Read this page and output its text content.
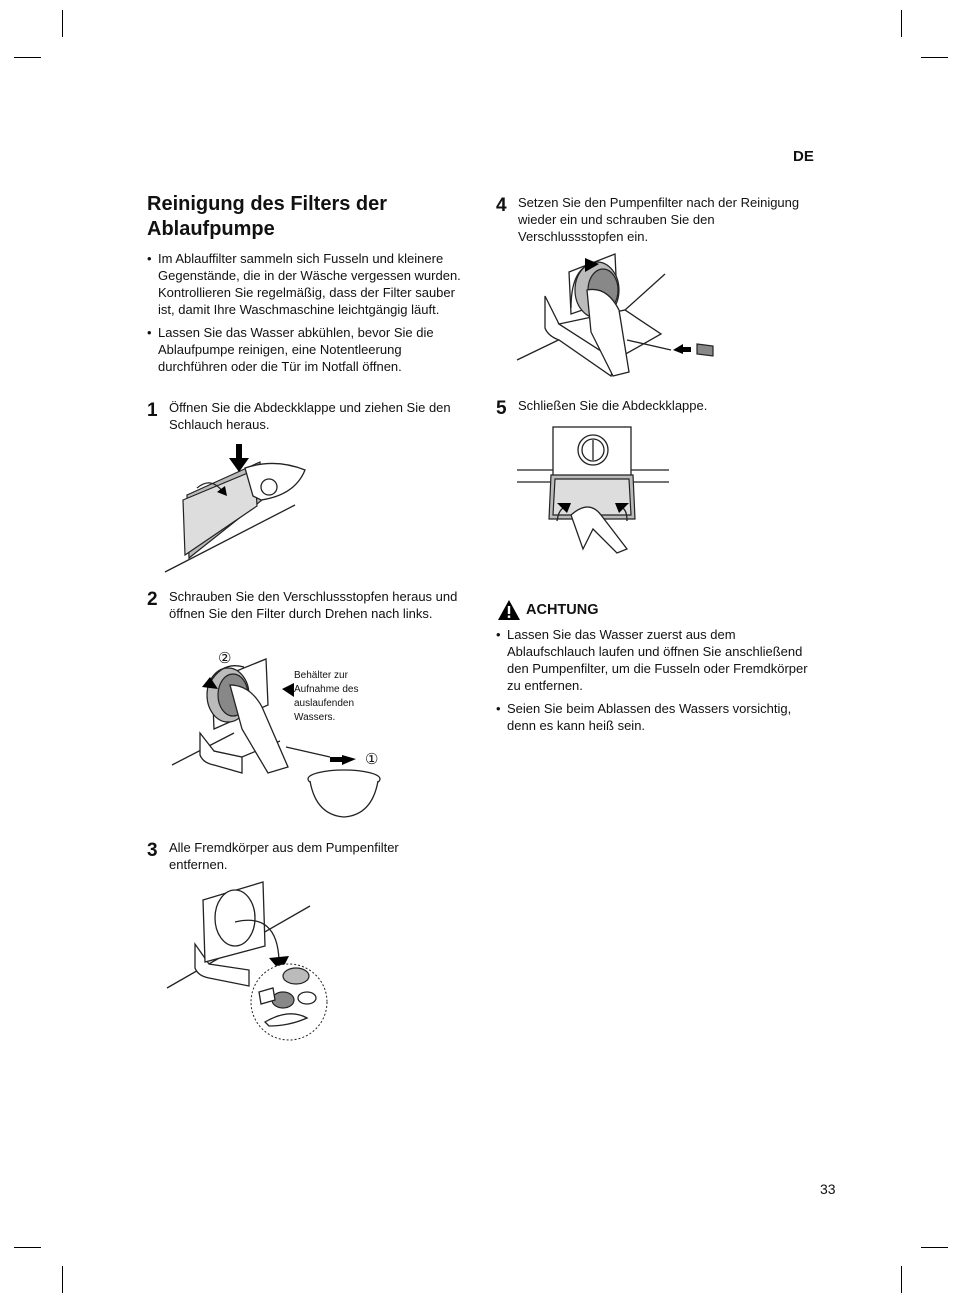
DE
Reinigung des Filters der
Ablaufpumpe
• Im Ablauffilter sammeln sich Fusseln und kleinere Gegenstände, die in der Wäsche vergessen wurden. Kontrollieren Sie regelmäßig, dass der Filter sauber ist, damit Ihre Waschmaschine leichtgängig läuft.
• Lassen Sie das Wasser abkühlen, bevor Sie die Ablaufpumpe reinigen, eine Notentleerung durchführen oder die Tür im Notfall öffnen.
1 Öffnen Sie die Abdeckklappe und ziehen Sie den Schlauch heraus.
2 Schrauben Sie den Verschlussstopfen heraus und öffnen Sie den Filter durch Drehen nach links.
②
①
Behälter zur
Aufnahme des
auslaufenden
Wassers.
3 Alle Fremdkörper aus dem Pumpenfilter entfernen.
4 Setzen Sie den Pumpenfilter nach der Reinigung wieder ein und schrauben Sie den Verschlussstopfen ein.
5 Schließen Sie die Abdeckklappe.
ACHTUNG
• Lassen Sie das Wasser zuerst aus dem Ablaufschlauch laufen und öffnen Sie anschließend den Pumpenfilter, um die Fusseln oder Fremdkörper zu entfernen.
• Seien Sie beim Ablassen des Wassers vorsichtig, denn es kann heiß sein.
33
